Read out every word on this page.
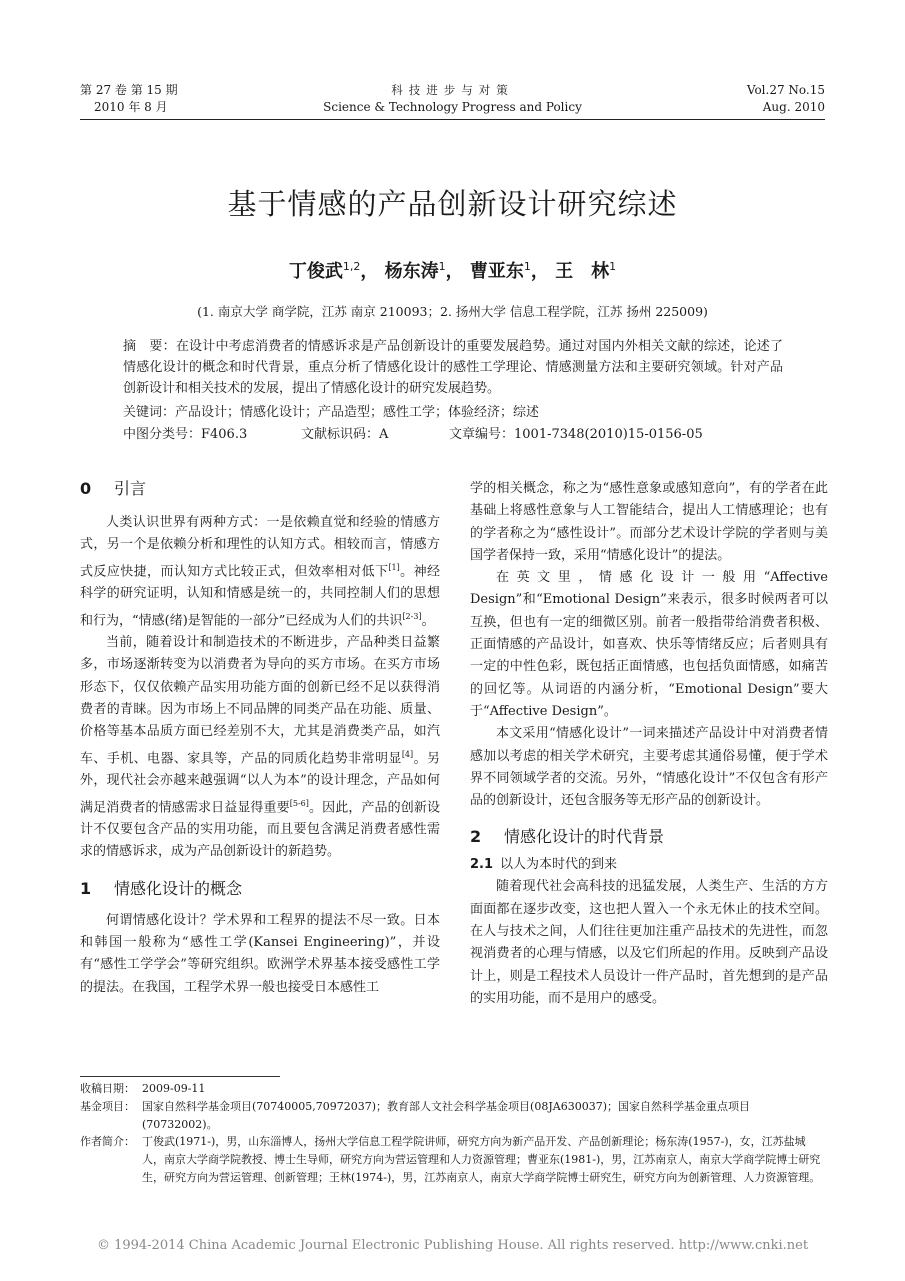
第 27 卷 第 15 期
2010 年 8 月
科技进步与对策
Science & Technology Progress and Policy
Vol.27 No.15
Aug. 2010
基于情感的产品创新设计研究综述
丁俊武$^{1,2}$， 杨东涛$^1$， 曹亚东$^1$， 王　林$^1$
(1. 南京大学 商学院，江苏 南京 210093；2. 扬州大学 信息工程学院，江苏 扬州 225009)
摘　要：在设计中考虑消费者的情感诉求是产品创新设计的重要发展趋势。通过对国内外相关文献的综述，论述了情感化设计的概念和时代背景，重点分析了情感化设计的感性工学理论、情感测量方法和主要研究领域。针对产品创新设计和相关技术的发展，提出了情感化设计的研究发展趋势。
关键词：产品设计；情感化设计；产品造型；感性工学；体验经济；综述
中图分类号：F406.3	文献标识码：A	文章编号：1001-7348(2010)15-0156-05
0 引言

人类认识世界有两种方式：一是依赖直觉和经验的情感方式，另一个是依赖分析和理性的认知方式。相较而言，情感方式反应快捷，而认知方式比较正式，但效率相对低下[1]。神经科学的研究证明，认知和情感是统一的，共同控制人们的思想和行为，“情感(绪)是智能的一部分”已经成为人们的共识[2-3]。

当前，随着设计和制造技术的不断进步，产品种类日益繁多，市场逐渐转变为以消费者为导向的买方市场。在买方市场形态下，仅仅依赖产品实用功能方面的创新已经不足以获得消费者的青睐。因为市场上不同品牌的同类产品在功能、质量、价格等基本品质方面已经差别不大，尤其是消费类产品，如汽车、手机、电器、家具等，产品的同质化趋势非常明显[4]。另外，现代社会亦越来越强调“以人为本”的设计理念，产品如何满足消费者的情感需求日益显得重要[5-6]。因此，产品的创新设计不仅要包含产品的实用功能，而且要包含满足消费者感性需求的情感诉求，成为产品创新设计的新趋势。

1 情感化设计的概念

何谓情感化设计？学术界和工程界的提法不尽一致。日本和韩国一般称为“感性工学(Kansei Engineering)”，并设有“感性工学学会”等研究组织。欧洲学术界基本接受感性工学的提法。在我国，工程学术界一般也接受日本感性工

学的相关概念，称之为“感性意象或感知意向”，有的学者在此基础上将感性意象与人工智能结合，提出人工情感理论；也有的学者称之为“感性设计”。而部分艺术设计学院的学者则与美国学者保持一致，采用“情感化设计”的提法。

在英文里，情感化设计一般用“Affective Design”和“Emotional Design”来表示，很多时候两者可以互换，但也有一定的细微区别。前者一般指带给消费者积极、正面情感的产品设计，如喜欢、快乐等情绪反应；后者则具有一定的中性色彩，既包括正面情感，也包括负面情感，如痛苦的回忆等。从词语的内涵分析，“Emotional Design”要大于“Affective Design”。

本文采用“情感化设计”一词来描述产品设计中对消费者情感加以考虑的相关学术研究，主要考虑其通俗易懂，便于学术界不同领域学者的交流。另外，“情感化设计”不仅包含有形产品的创新设计，还包含服务等无形产品的创新设计。

2 情感化设计的时代背景
2.1 以人为本时代的到来

随着现代社会高科技的迅猛发展，人类生产、生活的方方面面都在逐步改变，这也把人置入一个永无休止的技术空间。在人与技术之间，人们往往更加注重产品技术的先进性，而忽视消费者的心理与情感，以及它们所起的作用。反映到产品设计上，则是工程技术人员设计一件产品时，首先想到的是产品的实用功能，而不是用户的感受。

收稿日期： 2009-09-11
基金项目： 国家自然科学基金项目(70740005,70972037)；教育部人文社会科学基金项目(08JA630037)；国家自然科学基金重点项目(70732002)。
作者简介： 丁俊武(1971-)，男，山东淄博人，扬州大学信息工程学院讲师，研究方向为新产品开发、产品创新理论；杨东涛(1957-)，女，江苏盐城人，南京大学商学院教授、博士生导师，研究方向为营运管理和人力资源管理；曹亚东(1981-)，男，江苏南京人，南京大学商学院博士研究生，研究方向为营运管理、创新管理；王林(1974-)，男，江苏南京人，南京大学商学院博士研究生，研究方向为创新管理、人力资源管理。
© 1994-2014 China Academic Journal Electronic Publishing House. All rights reserved. http://www.cnki.net
